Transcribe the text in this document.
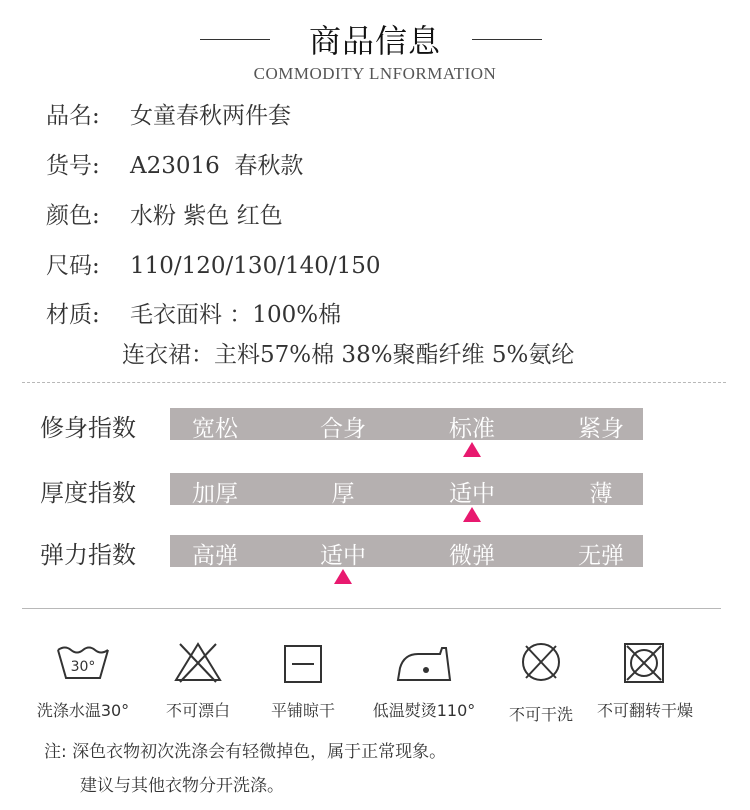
商品信息
COMMODITY LNFORMATION
品名: 女童春秋两件套
货号: A23016  春秋款
颜色: 水粉 紫色 红色
尺码: 110/120/130/140/150
材质: 毛衣面料 ：100%棉
连衣裙：主料57%棉 38%聚酯纤维 5%氨纶
修身指数	宽松	合身	标准	紧身
厚度指数	加厚	厚	适中	薄
弹力指数	高弹	适中	微弹	无弹
30°
洗涤水温30°	不可漂白	平铺晾干	低温熨烫110°	不可干洗	不可翻转干燥
注: 深色衣物初次洗涤会有轻微掉色，属于正常现象。
建议与其他衣物分开洗涤。
